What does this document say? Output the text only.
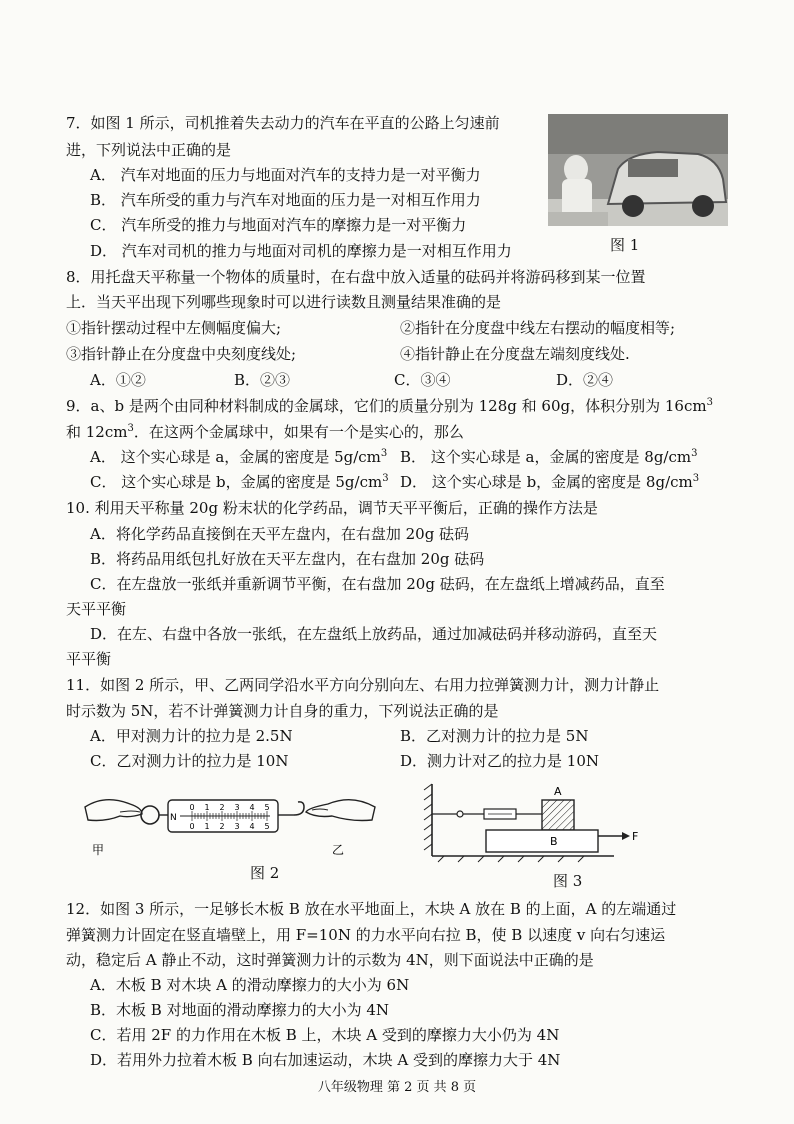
7．如图 1 所示，司机推着失去动力的汽车在平直的公路上匀速前
进，下列说法中正确的是
A． 汽车对地面的压力与地面对汽车的支持力是一对平衡力
B． 汽车所受的重力与汽车对地面的压力是一对相互作用力
C． 汽车所受的推力与地面对汽车的摩擦力是一对平衡力
D． 汽车对司机的推力与地面对司机的摩擦力是一对相互作用力	图 1
8．用托盘天平称量一个物体的质量时，在右盘中放入适量的砝码并将游码移到某一位置
上．当天平出现下列哪些现象时可以进行读数且测量结果准确的是
①指针摆动过程中左侧幅度偏大;	②指针在分度盘中线左右摆动的幅度相等;
③指针静止在分度盘中央刻度线处;	④指针静止在分度盘左端刻度线处.
A．①②	B．②③	C．③④	D．②④
9．a、b 是两个由同种材料制成的金属球，它们的质量分别为 128g 和 60g，体积分别为 $16cm^3$
和 $12cm^3$．在这两个金属球中，如果有一个是实心的，那么
A． 这个实心球是 a，金属的密度是 $5g/cm^3$ B． 这个实心球是 a，金属的密度是 $8g/cm^3$
C． 这个实心球是 b，金属的密度是 $5g/cm^3$ D． 这个实心球是 b，金属的密度是 $8g/cm^3$
10. 利用天平称量 20g 粉末状的化学药品，调节天平平衡后，正确的操作方法是
A．将化学药品直接倒在天平左盘内，在右盘加 20g 砝码
B．将药品用纸包扎好放在天平左盘内，在右盘加 20g 砝码
C．在左盘放一张纸并重新调节平衡，在右盘加 20g 砝码，在左盘纸上增减药品，直至
天平平衡
D．在左、右盘中各放一张纸，在左盘纸上放药品，通过加减砝码并移动游码，直至天
平平衡
11．如图 2 所示，甲、乙两同学沿水平方向分别向左、右用力拉弹簧测力计，测力计静止
时示数为 5N，若不计弹簧测力计自身的重力，下列说法正确的是
A．甲对测力计的拉力是 2.5N	B．乙对测力计的拉力是 5N
C．乙对测力计的拉力是 10N	D．测力计对乙的拉力是 10N
N
0 1 2 3 4 5
0 1 2 3 4 5
甲	乙
图 2
A
B	F
图 3
12．如图 3 所示，一足够长木板 B 放在水平地面上，木块 A 放在 B 的上面，A 的左端通过
弹簧测力计固定在竖直墙壁上，用 F=10N 的力水平向右拉 B，使 B 以速度 v 向右匀速运
动，稳定后 A 静止不动，这时弹簧测力计的示数为 4N，则下面说法中正确的是
A．木板 B 对木块 A 的滑动摩擦力的大小为 6N
B．木板 B 对地面的滑动摩擦力的大小为 4N
C．若用 2F 的力作用在木板 B 上，木块 A 受到的摩擦力大小仍为 4N
D．若用外力拉着木板 B 向右加速运动，木块 A 受到的摩擦力大于 4N
八年级物理 第 2 页 共 8 页
